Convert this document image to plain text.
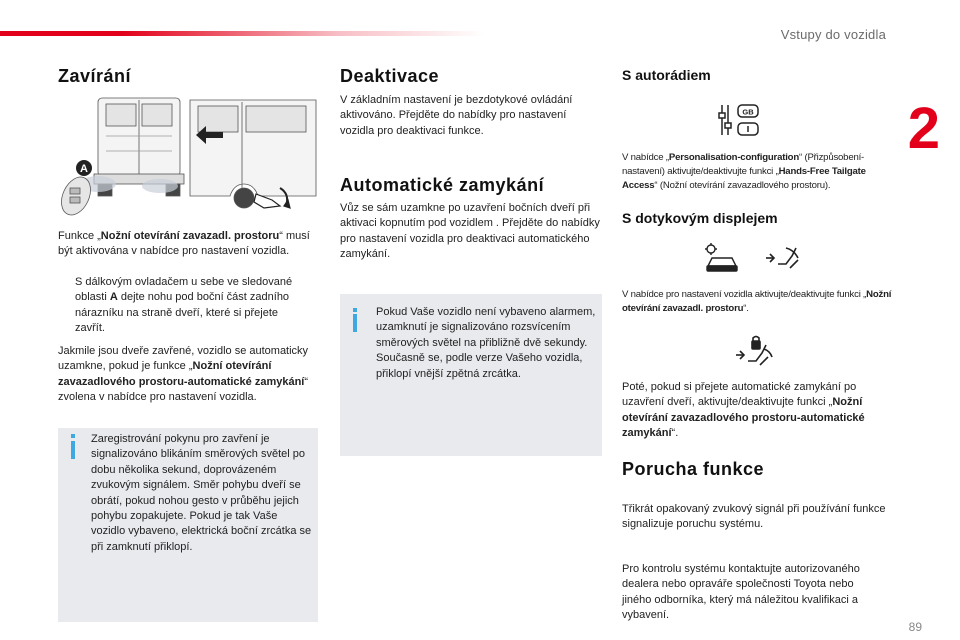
Vstupy do vozidla
2
Zavírání
A
Funkce „Nožní otevírání zavazadl. prostoru“ musí být aktivována v nabídce pro nastavení vozidla.
S dálkovým ovladačem u sebe ve sledované oblasti A dejte nohu pod boční část zadního nárazníku na straně dveří, které si přejete zavřít.
Jakmile jsou dveře zavřené, vozidlo se automaticky uzamkne, pokud je funkce „Nožní otevírání zavazadlového prostoru-automatické zamykání“ zvolena v nabídce pro nastavení vozidla.
Zaregistrování pokynu pro zavření je signalizováno blikáním směrových světel po dobu několika sekund, doprovázeném zvukovým signálem. Směr pohybu dveří se obrátí, pokud nohou gesto v průběhu jejich pohybu zopakujete. Pokud je tak Vaše vozidlo vybaveno, elektrická boční zrcátka se při zamknutí přiklopí.
Deaktivace
V základním nastavení je bezdotykové ovládání aktivováno. Přejděte do nabídky pro nastavení vozidla pro deaktivaci funkce.
Automatické zamykání
Vůz se sám uzamkne po uzavření bočních dveří při aktivaci kopnutím pod vozidlem . Přejděte do nabídky pro nastavení vozidla pro deaktivaci automatického zamykání.
Pokud Vaše vozidlo není vybaveno alarmem, uzamknutí je signalizováno rozsvícením směrových světel na přibližně dvě sekundy. Současně se, podle verze Vašeho vozidla, přiklopí vnější zpětná zrcátka.
S autorádiem
GB
V nabídce „Personalisation-configuration“ (Přizpůsobení-nastavení) aktivujte/deaktivujte funkci „Hands-Free Tailgate Access“ (Nožní otevírání zavazadlového prostoru).
S dotykovým displejem
V nabídce pro nastavení vozidla aktivujte/deaktivujte funkci „Nožní otevírání zavazadl. prostoru“.
Poté, pokud si přejete automatické zamykání po uzavření dveří, aktivujte/deaktivujte funkci „Nožní otevírání zavazadlového prostoru-automatické zamykání“.
Porucha funkce
Třikrát opakovaný zvukový signál při používání funkce signalizuje poruchu systému.
Pro kontrolu systému kontaktujte autorizovaného dealera nebo opraváře společnosti Toyota nebo jiného odborníka, který má náležitou kvalifikaci a vybavení.
89
